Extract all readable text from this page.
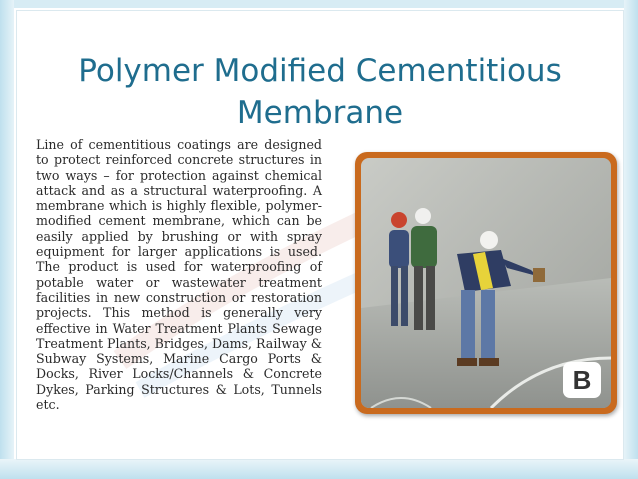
Polymer Modified Cementitious Membrane
Line of cementitious coatings are designed to protect reinforced concrete structures in two ways – for protection against chemical attack and as a structural waterproofing. A membrane which is highly flexible, polymer-modified cement membrane, which can be easily applied by brushing or with spray equipment for larger applications is used. The product is used for waterproofing of potable water or wastewater treatment facilities in new construction or restoration projects. This method is generally very effective in Water Treatment Plants Sewage Treatment Plants, Bridges, Dams, Railway & Subway Systems, Marine Cargo Ports & Docks, River Locks/Channels & Concrete Dykes, Parking Structures & Lots, Tunnels etc.
B
